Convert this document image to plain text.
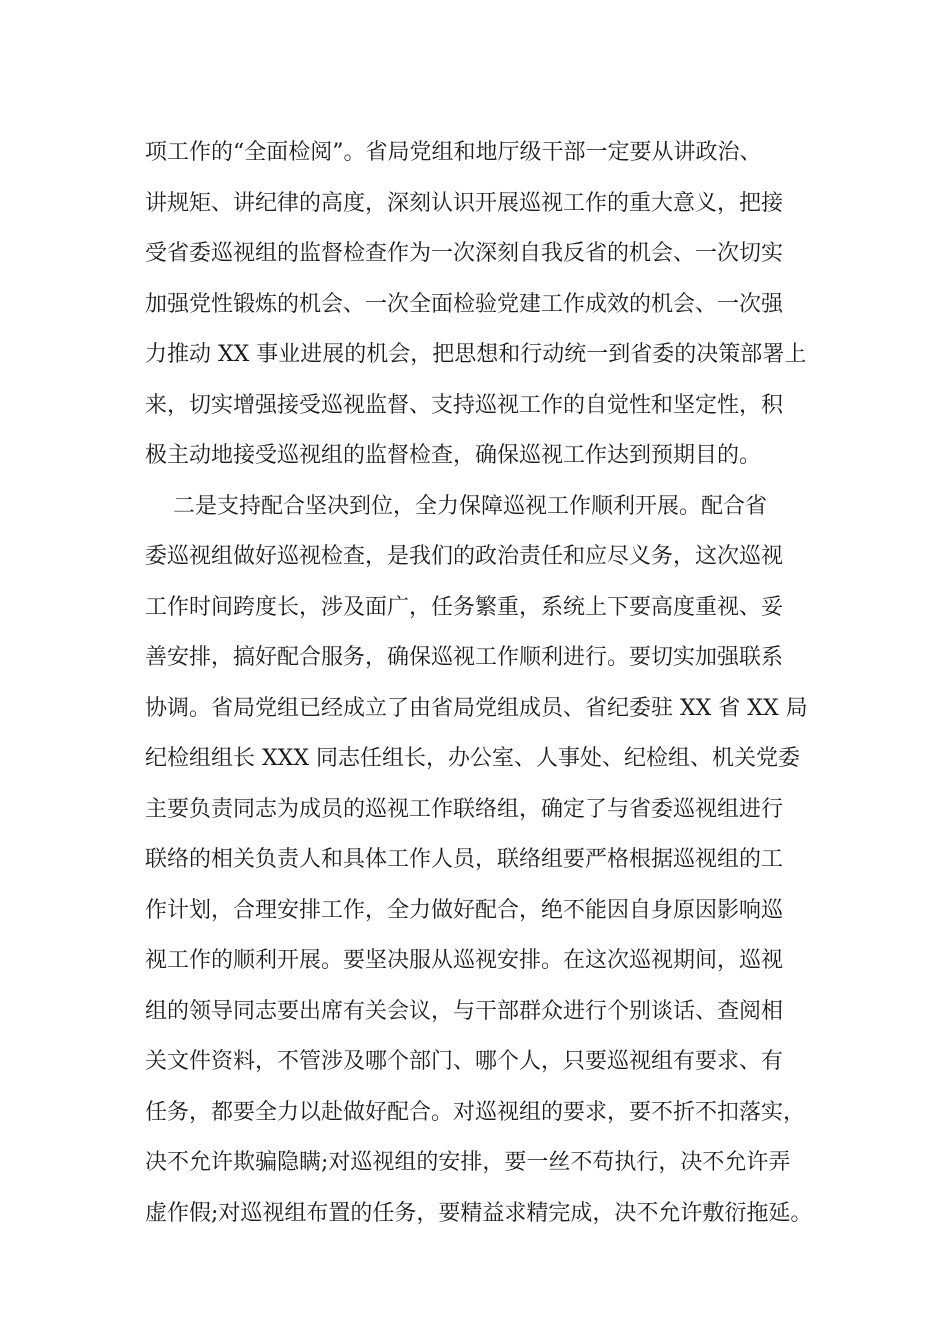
项工作的“全面检阅”。省局党组和地厅级干部一定要从讲政治、
讲规矩、讲纪律的高度，深刻认识开展巡视工作的重大意义，把接
受省委巡视组的监督检查作为一次深刻自我反省的机会、一次切实
加强党性锻炼的机会、一次全面检验党建工作成效的机会、一次强
力推动 XX 事业进展的机会，把思想和行动统一到省委的决策部署上
来，切实增强接受巡视监督、支持巡视工作的自觉性和坚定性，积
极主动地接受巡视组的监督检查，确保巡视工作达到预期目的。
二是支持配合坚决到位，全力保障巡视工作顺利开展。配合省
委巡视组做好巡视检查，是我们的政治责任和应尽义务，这次巡视
工作时间跨度长，涉及面广，任务繁重，系统上下要高度重视、妥
善安排，搞好配合服务，确保巡视工作顺利进行。要切实加强联系
协调。省局党组已经成立了由省局党组成员、省纪委驻 XX 省 XX 局
纪检组组长 XXX 同志任组长，办公室、人事处、纪检组、机关党委
主要负责同志为成员的巡视工作联络组，确定了与省委巡视组进行
联络的相关负责人和具体工作人员，联络组要严格根据巡视组的工
作计划，合理安排工作，全力做好配合，绝不能因自身原因影响巡
视工作的顺利开展。要坚决服从巡视安排。在这次巡视期间，巡视
组的领导同志要出席有关会议，与干部群众进行个别谈话、查阅相
关文件资料，不管涉及哪个部门、哪个人，只要巡视组有要求、有
任务，都要全力以赴做好配合。对巡视组的要求，要不折不扣落实，
决不允许欺骗隐瞒;对巡视组的安排，要一丝不苟执行，决不允许弄
虚作假;对巡视组布置的任务，要精益求精完成，决不允许敷衍拖延。
